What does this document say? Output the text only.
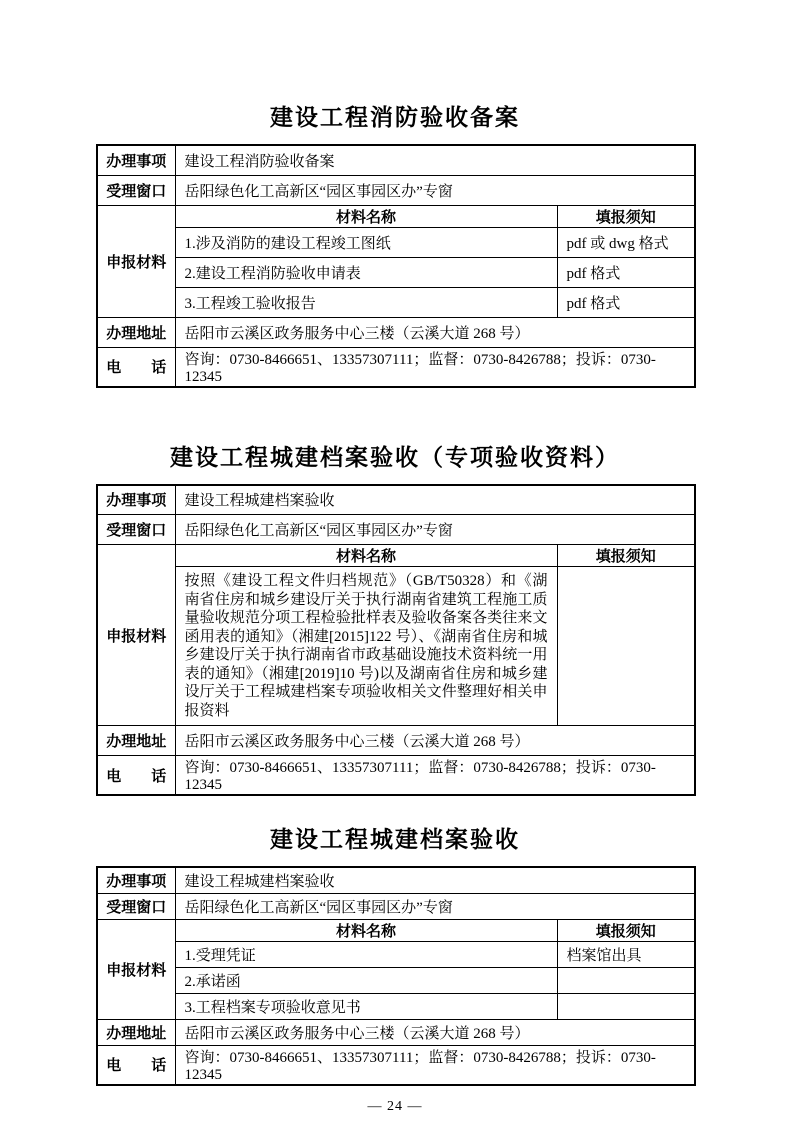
建设工程消防验收备案
办理事项	建设工程消防验收备案	
受理窗口	岳阳绿色化工高新区“园区事园区办”专窗	
申报材料	材料名称	填报须知
	1.涉及消防的建设工程竣工图纸	pdf 或 dwg 格式
	2.建设工程消防验收申请表	pdf 格式
	3.工程竣工验收报告	pdf 格式
办理地址	岳阳市云溪区政务服务中心三楼（云溪大道 268 号）	
电　　话	咨询：0730-8466651、13357307111；监督：0730-8426788；投诉：0730-12345	
建设工程城建档案验收（专项验收资料）
办理事项	建设工程城建档案验收	
受理窗口	岳阳绿色化工高新区“园区事园区办”专窗	
申报材料	材料名称	填报须知
	按照《建设工程文件归档规范》（GB/T50328）和《湖南省住房和城乡建设厅关于执行湖南省建筑工程施工质量验收规范分项工程检验批样表及验收备案各类往来文函用表的通知》（湘建[2015]122 号）、《湖南省住房和城乡建设厅关于执行湖南省市政基础设施技术资料统一用表的通知》（湘建[2019]10 号)以及湖南省住房和城乡建设厅关于工程城建档案专项验收相关文件整理好相关申报资料	
办理地址	岳阳市云溪区政务服务中心三楼（云溪大道 268 号）	
电　　话	咨询：0730-8466651、13357307111；监督：0730-8426788；投诉：0730-12345	
建设工程城建档案验收
办理事项	建设工程城建档案验收	
受理窗口	岳阳绿色化工高新区“园区事园区办”专窗	
申报材料	材料名称	填报须知
	1.受理凭证	档案馆出具
	2.承诺函	
	3.工程档案专项验收意见书	
办理地址	岳阳市云溪区政务服务中心三楼（云溪大道 268 号）	
电　　话	咨询：0730-8466651、13357307111；监督：0730-8426788；投诉：0730-12345	
— 24 —
